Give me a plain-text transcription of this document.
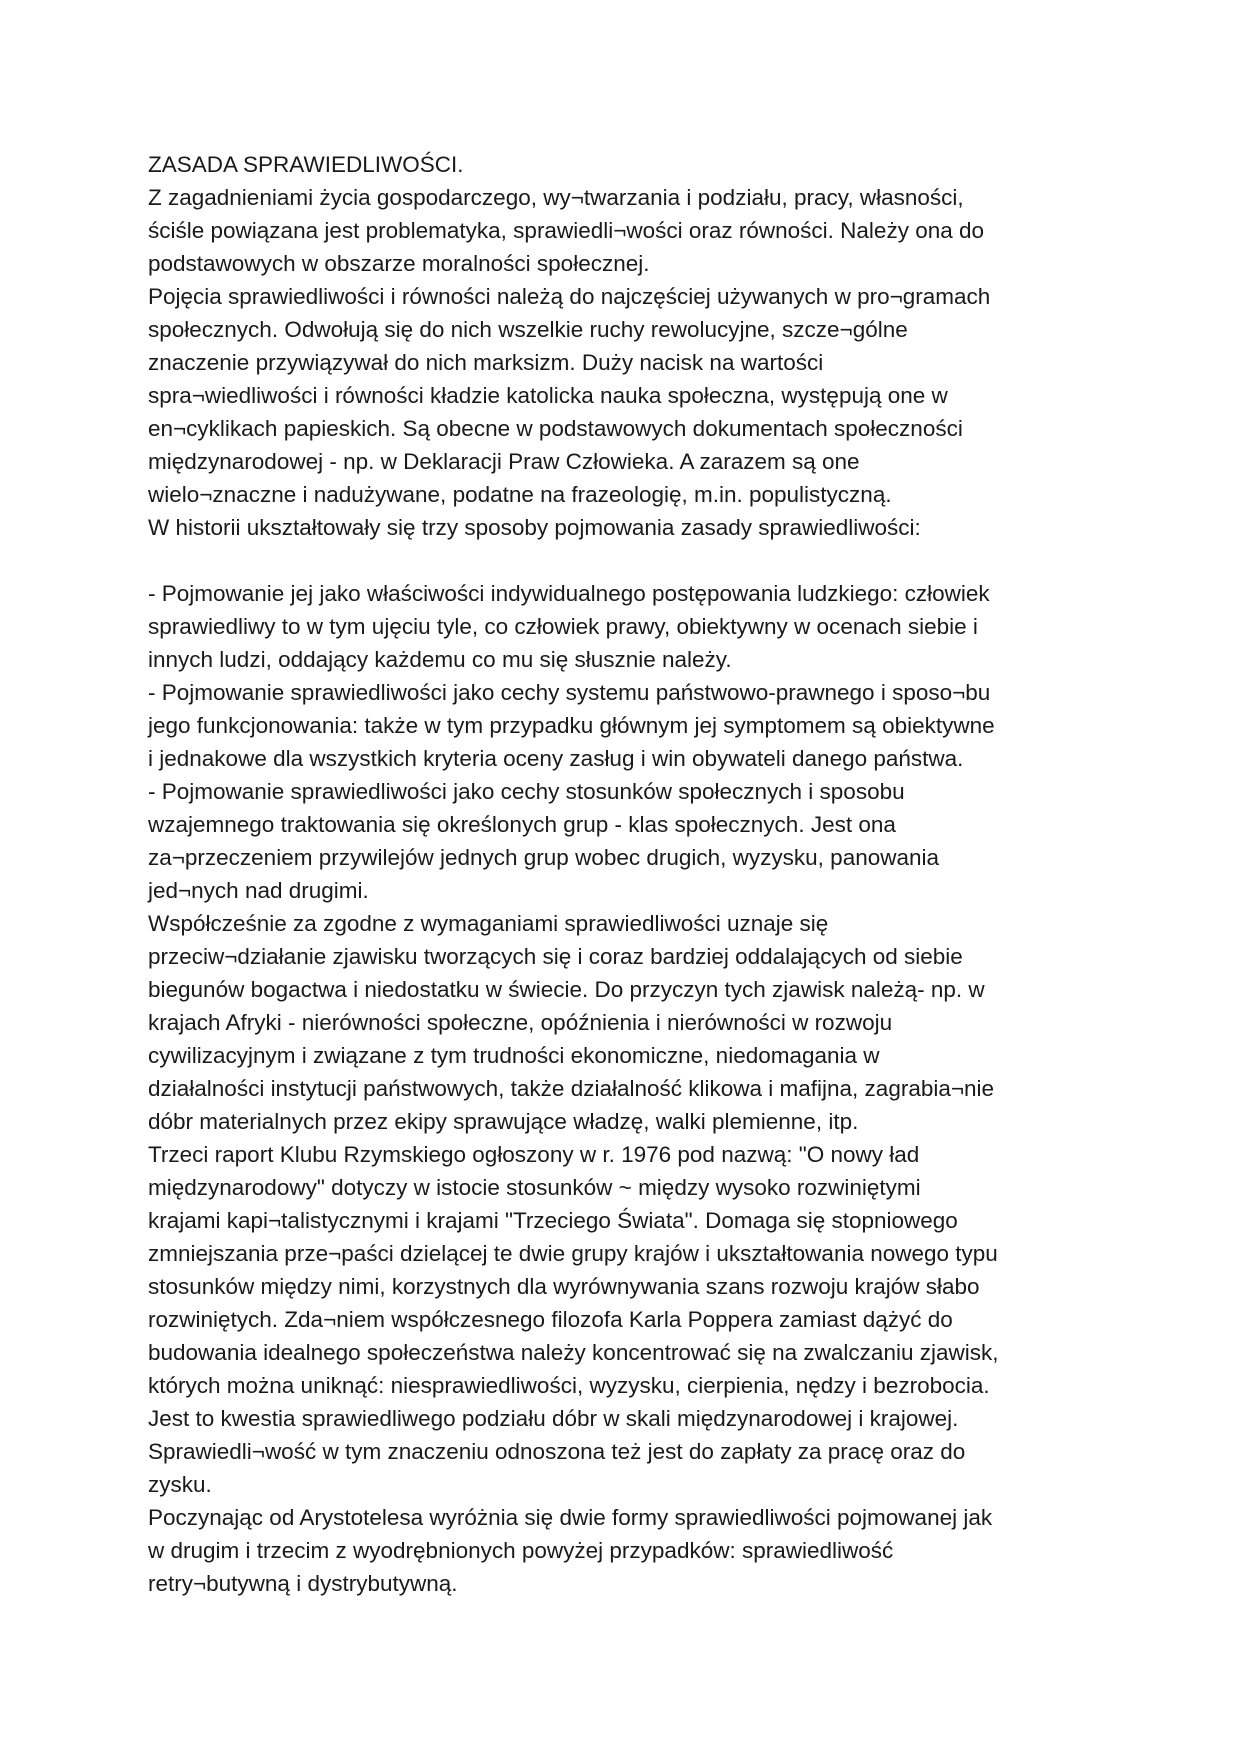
ZASADA SPRAWIEDLIWOŚCI.
Z zagadnieniami życia gospodarczego, wy¬twarzania i podziału, pracy, własności,
ściśle powiązana jest problematyka, sprawiedli¬wości oraz równości. Należy ona do
podstawowych w obszarze moralności społecznej.
Pojęcia sprawiedliwości i równości należą do najczęściej używanych w pro¬gramach
społecznych. Odwołują się do nich wszelkie ruchy rewolucyjne, szcze¬gólne
znaczenie przywiązywał do nich marksizm. Duży nacisk na wartości
spra¬wiedliwości i równości kładzie katolicka nauka społeczna, występują one w
en¬cyklikach papieskich. Są obecne w podstawowych dokumentach społeczności
międzynarodowej - np. w Deklaracji Praw Człowieka. A zarazem są one
wielo¬znaczne i nadużywane, podatne na frazeologię, m.in. populistyczną.
W historii ukształtowały się trzy sposoby pojmowania zasady sprawiedliwości:
- Pojmowanie jej jako właściwości indywidualnego postępowania ludzkiego: człowiek
sprawiedliwy to w tym ujęciu tyle, co człowiek prawy, obiektywny w ocenach siebie i
innych ludzi, oddający każdemu co mu się słusznie należy.
- Pojmowanie sprawiedliwości jako cechy systemu państwowo-prawnego i sposo¬bu
jego funkcjonowania: także w tym przypadku głównym jej symptomem są obiektywne
i jednakowe dla wszystkich kryteria oceny zasług i win obywateli danego państwa.
- Pojmowanie sprawiedliwości jako cechy stosunków społecznych i sposobu
wzajemnego traktowania się określonych grup - klas społecznych. Jest ona
za¬przeczeniem przywilejów jednych grup wobec drugich, wyzysku, panowania
jed¬nych nad drugimi.
Współcześnie za zgodne z wymaganiami sprawiedliwości uznaje się
przeciw¬działanie zjawisku tworzących się i coraz bardziej oddalających od siebie
biegunów bogactwa i niedostatku w świecie. Do przyczyn tych zjawisk należą- np. w
krajach Afryki - nierówności społeczne, opóźnienia i nierówności w rozwoju
cywilizacyjnym i związane z tym trudności ekonomiczne, niedomagania w
działalności instytucji państwowych, także działalność klikowa i mafijna, zagrabia¬nie
dóbr materialnych przez ekipy sprawujące władzę, walki plemienne, itp.
Trzeci raport Klubu Rzymskiego ogłoszony w r. 1976 pod nazwą: "O nowy ład
międzynarodowy" dotyczy w istocie stosunków ~ między wysoko rozwiniętymi
krajami kapi¬talistycznymi i krajami "Trzeciego Świata". Domaga się stopniowego
zmniejszania prze¬paści dzielącej te dwie grupy krajów i ukształtowania nowego typu
stosunków między nimi, korzystnych dla wyrównywania szans rozwoju krajów słabo
rozwiniętych. Zda¬niem współczesnego filozofa Karla Poppera zamiast dążyć do
budowania idealnego społeczeństwa należy koncentrować się na zwalczaniu zjawisk,
których można uniknąć: niesprawiedliwości, wyzysku, cierpienia, nędzy i bezrobocia.
Jest to kwestia sprawiedliwego podziału dóbr w skali międzynarodowej i krajowej.
Sprawiedli¬wość w tym znaczeniu odnoszona też jest do zapłaty za pracę oraz do
zysku.
Poczynając od Arystotelesa wyróżnia się dwie formy sprawiedliwości pojmowanej jak
w drugim i trzecim z wyodrębnionych powyżej przypadków: sprawiedliwość
retry¬butywną i dystrybutywną.
